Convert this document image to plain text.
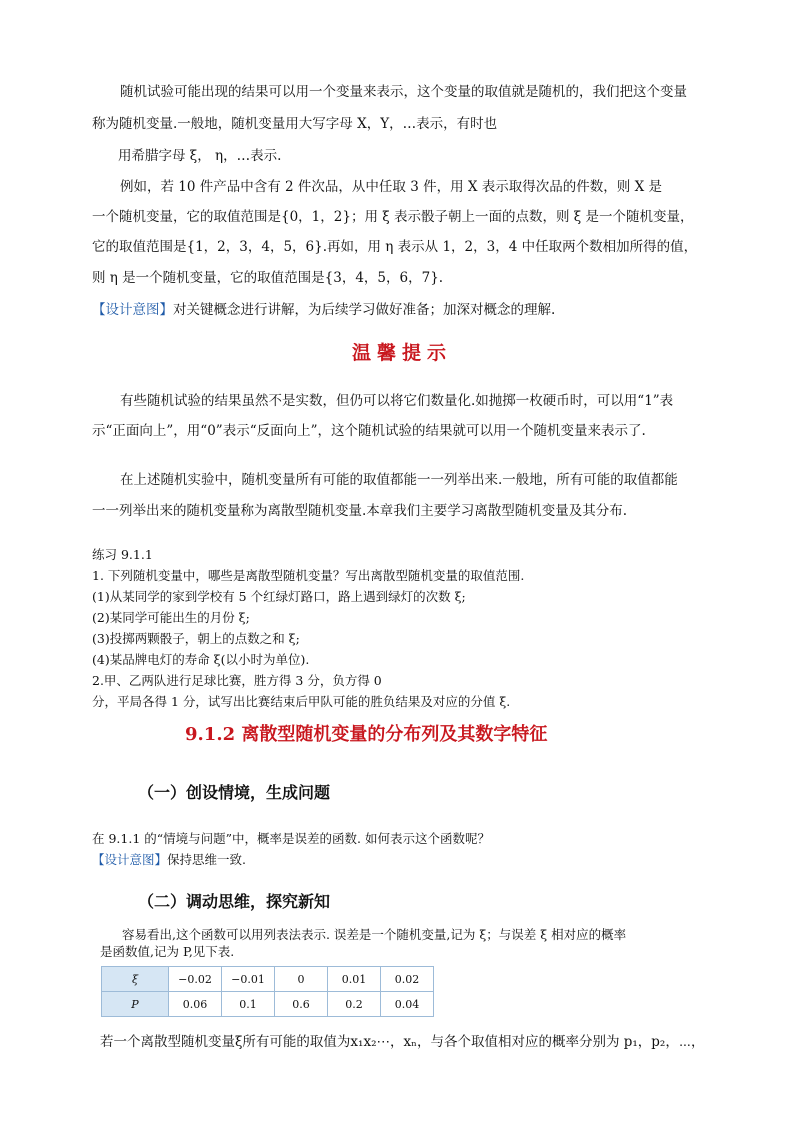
随机试验可能出现的结果可以用一个变量来表示，这个变量的取值就是随机的，我们把这个变量
称为随机变量.一般地，随机变量用大写字母 X，Y，…表示，有时也
用希腊字母 ξ， η，…表示.
例如，若 10 件产品中含有 2 件次品，从中任取 3 件，用 X 表示取得次品的件数，则 X 是
一个随机变量，它的取值范围是{0，1，2}；用 ξ 表示骰子朝上一面的点数，则 ξ 是一个随机变量，
它的取值范围是{1，2，3，4，5，6}.再如，用 η 表示从 1，2，3，4 中任取两个数相加所得的值，
则 η 是一个随机变量，它的取值范围是{3，4，5，6，7}.
【设计意图】对关键概念进行讲解，为后续学习做好准备；加深对概念的理解.
温馨提示
有些随机试验的结果虽然不是实数，但仍可以将它们数量化.如抛掷一枚硬币时，可以用“1”表
示“正面向上”，用“0”表示“反面向上”，这个随机试验的结果就可以用一个随机变量来表示了.
在上述随机实验中，随机变量所有可能的取值都能一一列举出来.一般地，所有可能的取值都能
一一列举出来的随机变量称为离散型随机变量.本章我们主要学习离散型随机变量及其分布.
练习 9.1.1
1. 下列随机变量中，哪些是离散型随机变量？写出离散型随机变量的取值范围.
(1)从某同学的家到学校有 5 个红绿灯路口，路上遇到绿灯的次数 ξ;
(2)某同学可能出生的月份 ξ;
(3)投掷两颗骰子，朝上的点数之和 ξ;
(4)某品牌电灯的寿命 ξ(以小时为单位).
2.甲、乙两队进行足球比赛，胜方得 3 分，负方得 0
分，平局各得 1 分，试写出比赛结束后甲队可能的胜负结果及对应的分值 ξ.
9.1.2 离散型随机变量的分布列及其数字特征
（一）创设情境，生成问题
在 9.1.1 的“情境与问题”中，概率是误差的函数. 如何表示这个函数呢？
【设计意图】保持思维一致.
（二）调动思维，探究新知
容易看出,这个函数可以用列表法表示. 误差是一个随机变量,记为 ξ；与误差 ξ 相对应的概率
是函数值,记为 P,见下表.
ξ	−0.02	−0.01	0	0.01	0.02
P	0.06	0.1	0.6	0.2	0.04
若一个离散型随机变量ξ所有可能的取值为x₁x₂⋯，xₙ，与各个取值相对应的概率分别为 p₁，p₂，⋯，
